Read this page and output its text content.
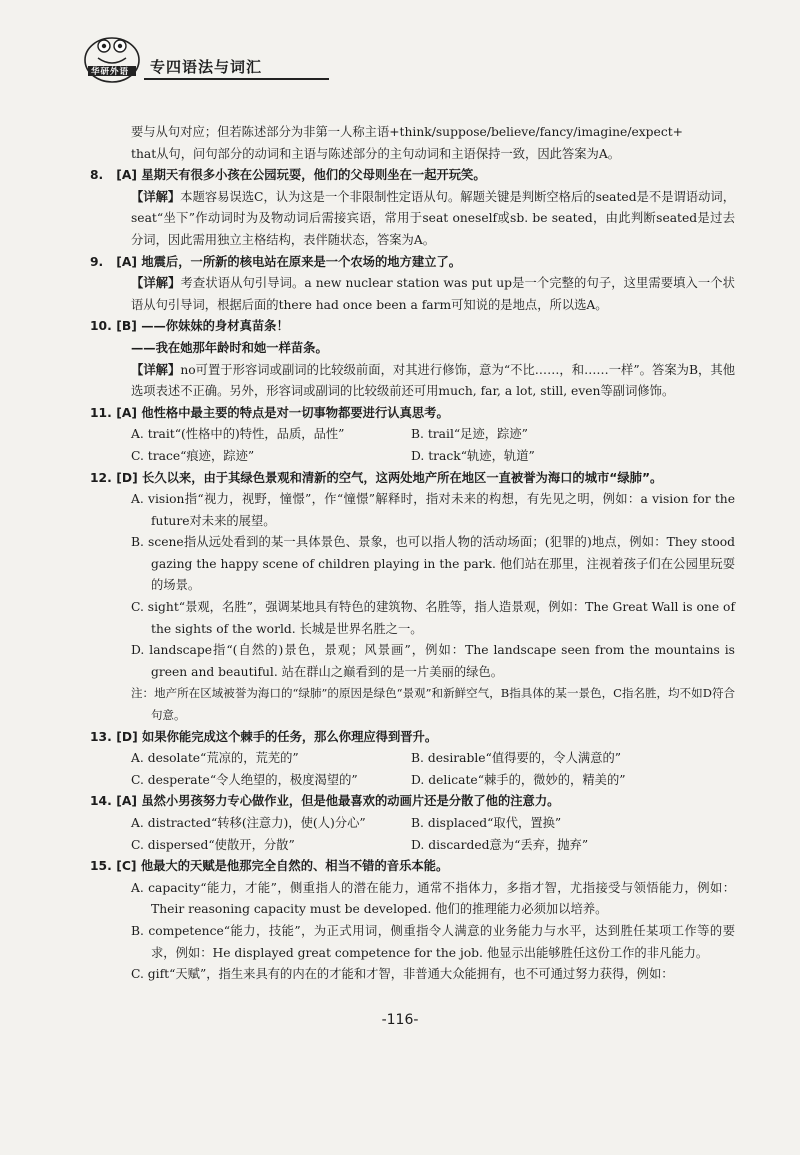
华研外语 专四语法与词汇

要与从句对应；但若陈述部分为非第一人称主语+think/suppose/believe/fancy/imagine/expect+

that从句，问句部分的动词和主语与陈述部分的主句动词和主语保持一致，因此答案为A。

8. [A] 星期天有很多小孩在公园玩耍，他们的父母则坐在一起开玩笑。

【详解】本题容易误选C，认为这是一个非限制性定语从句。解题关键是判断空格后的seated是不是谓语动词，seat“坐下”作动词时为及物动词后需接宾语，常用于seat oneself或sb. be seated，由此判断seated是过去分词，因此需用独立主格结构，表伴随状态，答案为A。

9. [A] 地震后，一所新的核电站在原来是一个农场的地方建立了。

【详解】考查状语从句引导词。a new nuclear station was put up是一个完整的句子，这里需要填入一个状语从句引导词，根据后面的there had once been a farm可知说的是地点，所以选A。

10. [B] ——你妹妹的身材真苗条！

——我在她那年龄时和她一样苗条。

【详解】no可置于形容词或副词的比较级前面，对其进行修饰，意为“不比……，和……一样”。答案为B，其他选项表述不正确。另外，形容词或副词的比较级前还可用much, far, a lot, still, even等副词修饰。

11. [A] 他性格中最主要的特点是对一切事物都要进行认真思考。

A. trait“(性格中的)特性，品质，品性”	B. trail“足迹，踪迹”
C. trace“痕迹，踪迹”	D. track“轨迹，轨道”

12. [D] 长久以来，由于其绿色景观和清新的空气，这两处地产所在地区一直被誉为海口的城市“绿肺”。

A. vision指“视力，视野，憧憬”，作“憧憬”解释时，指对未来的构想，有先见之明，例如：a vision for the future对未来的展望。

B. scene指从远处看到的某一具体景色、景象，也可以指人物的活动场面；(犯罪的)地点，例如：They stood gazing the happy scene of children playing in the park. 他们站在那里，注视着孩子们在公园里玩耍的场景。

C. sight“景观，名胜”，强调某地具有特色的建筑物、名胜等，指人造景观，例如：The Great Wall is one of the sights of the world. 长城是世界名胜之一。

D. landscape指“(自然的)景色，景观；风景画”，例如：The landscape seen from the mountains is green and beautiful. 站在群山之巅看到的是一片美丽的绿色。

注：地产所在区域被誉为海口的“绿肺”的原因是绿色“景观”和新鲜空气，B指具体的某一景色，C指名胜，均不如D符合句意。

13. [D] 如果你能完成这个棘手的任务，那么你理应得到晋升。

A. desolate“荒凉的，荒芜的”	B. desirable“值得要的，令人满意的”
C. desperate“令人绝望的，极度渴望的”	D. delicate“棘手的，微妙的，精美的”

14. [A] 虽然小男孩努力专心做作业，但是他最喜欢的动画片还是分散了他的注意力。

A. distracted“转移(注意力)，使(人)分心”	B. displaced“取代，置换”
C. dispersed“使散开，分散”	D. discarded意为“丢弃，抛弃”

15. [C] 他最大的天赋是他那完全自然的、相当不错的音乐本能。

A. capacity“能力，才能”，侧重指人的潜在能力，通常不指体力，多指才智，尤指接受与领悟能力，例如：Their reasoning capacity must be developed. 他们的推理能力必须加以培养。

B. competence“能力，技能”，为正式用词，侧重指令人满意的业务能力与水平，达到胜任某项工作等的要求，例如：He displayed great competence for the job. 他显示出能够胜任这份工作的非凡能力。

C. gift“天赋”，指生来具有的内在的才能和才智，非普通大众能拥有，也不可通过努力获得，例如：

-116-
